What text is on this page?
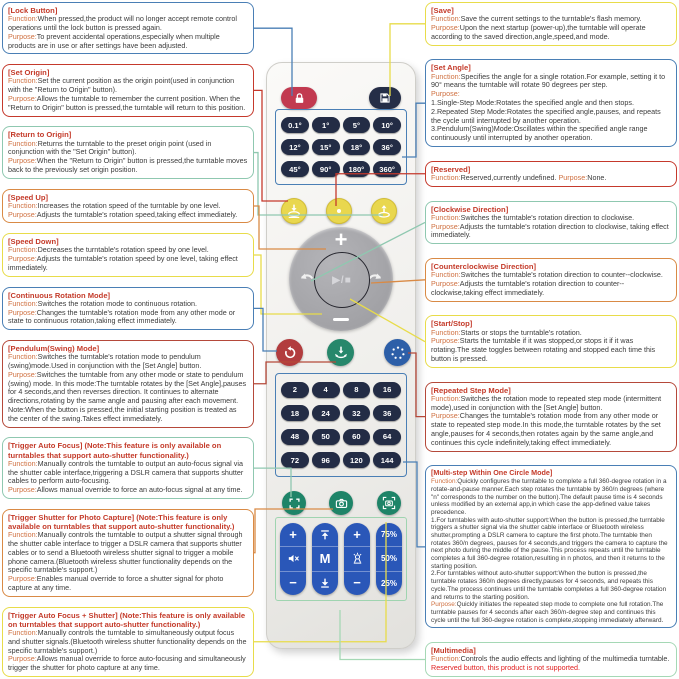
[Lock Button]
Function:When pressed,the product will no longer accept remote control operations until the lock button is pressed again.
Purpose:To prevent accidental operations,especially when multiple products are in use or after settings have been adjusted.
[Set Origin]
Function:Set the current position as the origin point(used in conjunction with the "Return to Origin" button).
Purpose:Allows the turntable to remember the current position. When the "Return to Origin" button is pressed,the turntable will return to this position.
[Return to Origin]
Function:Returns the turntable to the preset origin point (used in conjunction with the "Set Origin" button).
Purpose:When the "Return to Origin" button is pressed,the turntable moves back to the previously set origin position.
[Speed Up]
Function:Increases the rotation speed of the turntable by one level.
Purpose:Adjusts the turntable's rotation speed,taking effect immediately.
[Speed Down]
Function:Decreases the turntable's rotation speed by one level.
Purpose:Adjusts the turntable's rotation speed by one level, taking effect immediately.
[Continuous Rotation Mode]
Function:Switches the rotation mode to continuous rotation.
Purpose:Changes the turntable's rotation mode from any other mode or state to continuous rotation,taking effect immediately.
[Pendulum(Swing) Mode]
Function:Switches the turntable's rotation mode to pendulum (swing)mode.Used in conjunction with the [Set Angle] button.
Purpose:Switches the turntable from any other mode or state to pendulum (swing) mode. In this mode:The turntable rotates by the [Set Angle],pauses for 4 seconds,and then reverses direction. It continues to alternate directions,rotating by the same angle and pausing after each movement.
Note:When the button is pressed,the initial starting position is treated as the center of the swing.Takes effect immediately.
[Trigger Auto Focus] (Note:This feature is only available on turntables that support auto-shutter functionality.)
Function:Manually controls the turntable to output an auto-focus signal via the shutter cable interface,triggering a DSLR camera that supports shutter cables to perform auto-focusing.
Purpose:Allows manual override to force an auto-focus signal at any time.
[Trigger Shutter for Photo Capture] (Note:This feature is only available on turntables that support auto-shutter functionality.)
Function:Manually controls the turntable to output a shutter signal through the shutter cable interface to trigger a DSLR camera that supports shutter cables or to send a Bluetooth wireless shutter signal to trigger a mobile phone camera.(Bluetooth wireless shutter functionality depends on the specific turntable's support.)
Purpose:Enables manual override to force a shutter signal for photo capture at any time.
[Trigger Auto Focus + Shutter] (Note:This feature is only available on turntables that support auto-shutter functionality.)
Function:Manually controls the turntable to simultaneously output focus and shutter signals.(Bluetooth wireless shutter functionality depends on the specific turntable's support.)
Purpose:Allows manual override to force auto-focusing and simultaneously trigger the shutter for photo capture at any time.
[Save]
Function:Save the current settings to the turntable's flash memory.
Purpose:Upon the next startup (power-up),the turntable will operate according to the saved direction,angle,speed,and mode.
[Set Angle]
Function:Specifies the angle for a single rotation.For example, setting it to 90° means the turntable will rotate 90 degrees per step.
Purpose:
1.Single-Step Mode:Rotates the specified angle and then stops.
2.Repeated Step Mode:Rotates the specified angle,pauses, and repeats the cycle until interrupted by another operation.
3.Pendulum(Swing)Mode:Oscillates within the specified angle range continuously until interrupted by another operation.
[Reserved]
Function:Reserved,currently undefined. Purpose:None.
[Clockwise Direction]
Function:Switches the turntable's rotation direction to clockwise.
Purpose:Adjusts the turntable's rotation direction to clockwise, taking effect immediately.
[Counterclockwise Direction]
Function:Switches the turntable's rotation direction to counter--clockwise.
Purpose:Adjusts the turntable's rotation direction to counter--clockwise,taking effect immediately.
[Start/Stop]
Function:Starts or stops the turntable's rotation.
Purpose:Starts the turntable if it was stopped,or stops it if it was rotating.The state toggles between rotating and stopped each time this button is pressed.
[Repeated Step Mode]
Function:Switches the rotation mode to repeated step mode (intermittent mode),used in conjunction with the [Set Angle] button.
Purpose:Changes the turntable's rotation mode from any other mode or state to repeated step mode.In this mode,the turntable rotates by the set angle,pauses for 4 seconds,then rotates again by the same angle,and continues this cycle indefinitely,taking effect immediately.
[Multi-step Within One Circle Mode]
Function:Quickly configures the turntable to complete a full 360-degree rotation in a rotate-and-pause manner.Each step rotates the turntable by 360/n degrees (where "n" corresponds to the number on the button).The default pause time is 4 seconds unless modified by an external app,in which case the app-defined value takes precedence.
1.For turntables with auto-shutter support:When the button is pressed,the turntable triggers a shutter signal via the shutter cable interface or Bluetooth wireless shutter,prompting a DSLR camera to capture the first photo.The turntable then rotates 360/n degrees, pauses for 4 seconds,and triggers the camera to capture the next photo during the middle of the pause.This process repeats until the turntable completes a full 360-degree rotation,resulting in n photos, and then it returns to the starting position.
2.For turntables without auto-shutter support:When the button is pressed,the turntable rotates 360/n degrees directly,pauses for 4 seconds, and repeats this cycle.The process continues until the turntable completes a full 360-degree rotation and returns to the starting position.
Purpose:Quickly initiates the repeated step mode to complete one full rotation.The turntable pauses for 4 seconds after each 360/n-degree step and continues this cycle until the full 360-degree rotation is complete,stopping immediately afterward.
[Multimedia]
Function:Controls the audio effects and lighting of the multimedia turntable.
Reserved button, this product is not supported.
0.1°	1°	5°	10°
12°	15°	18°	36°
45°	90°	180°	360°
+
▶/■
2	4	8	16
18	24	32	36
48	50	60	64
72	96	120	144
+
−
M
+
−
75%
50%
25%
